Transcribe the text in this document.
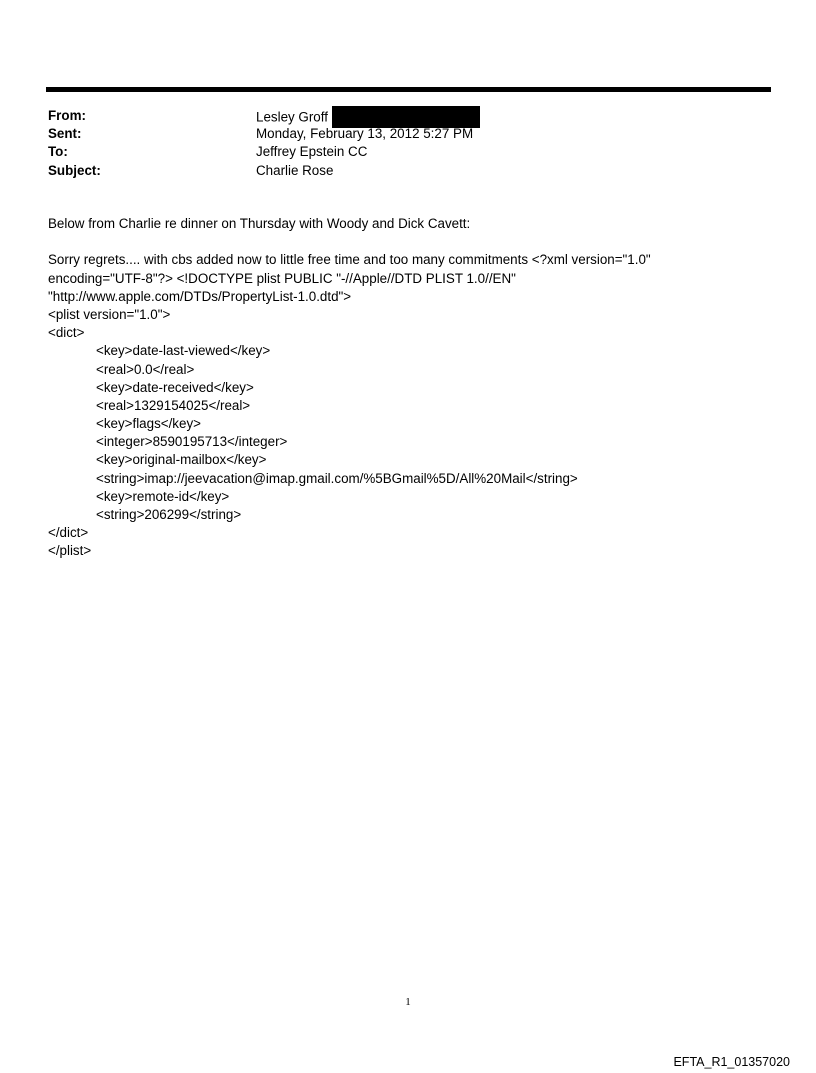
From:	Lesley Groff
Sent:	Monday, February 13, 2012 5:27 PM
To:	Jeffrey Epstein CC
Subject:	Charlie Rose
Below from Charlie re dinner on Thursday with Woody and Dick Cavett:
Sorry regrets.... with cbs added now to little free time and too many commitments <?xml version="1.0"
encoding="UTF-8"?> <!DOCTYPE plist PUBLIC "-//Apple//DTD PLIST 1.0//EN"
"http://www.apple.com/DTDs/PropertyList-1.0.dtd">
<plist version="1.0">
<dict>
<key>date-last-viewed</key>
<real>0.0</real>
<key>date-received</key>
<real>1329154025</real>
<key>flags</key>
<integer>8590195713</integer>
<key>original-mailbox</key>
<string>imap://jeevacation@imap.gmail.com/%5BGmail%5D/All%20Mail</string>
<key>remote-id</key>
<string>206299</string>
</dict>
</plist>
1
EFTA_R1_01357020
